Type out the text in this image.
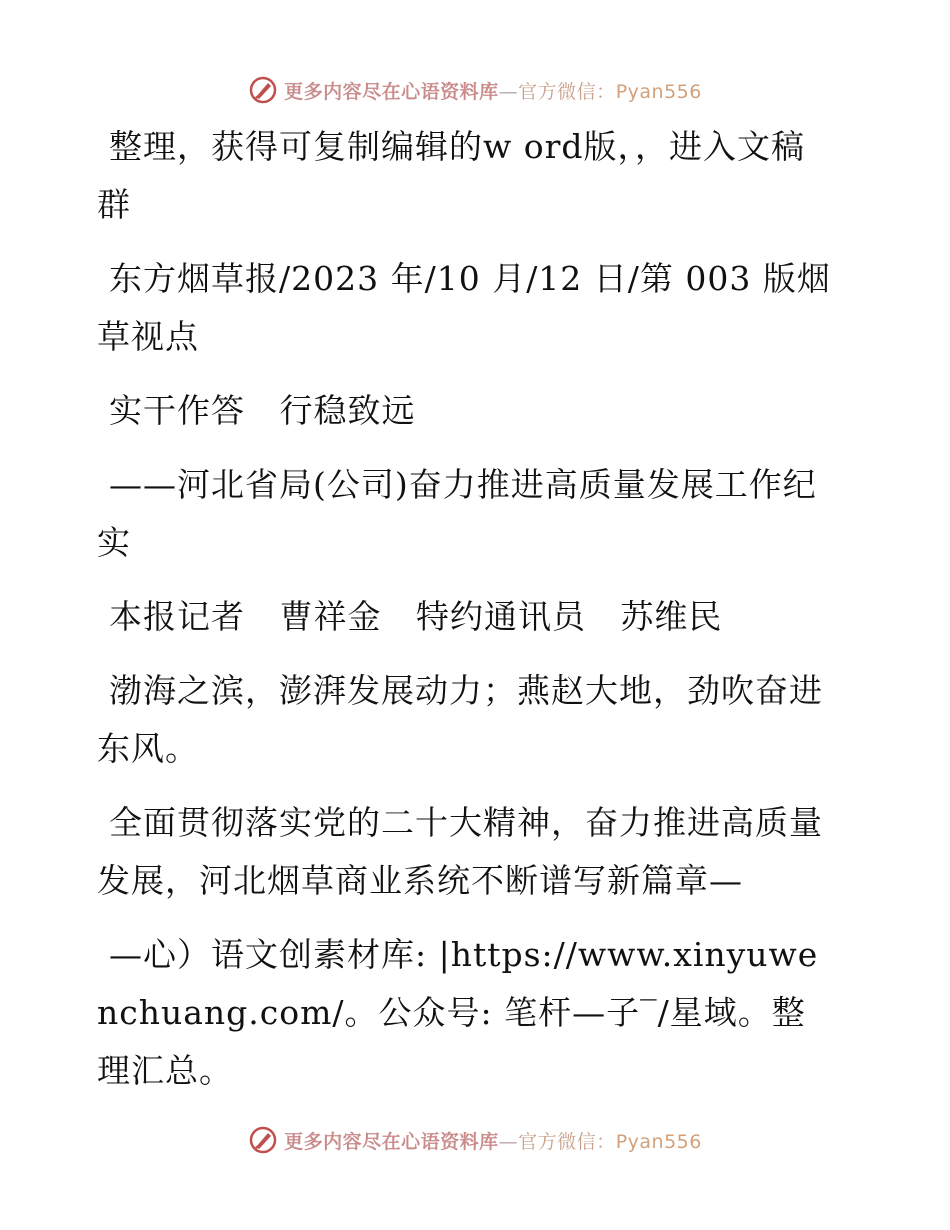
更多内容尽在心语资料库—官方微信：Pyan556

整理，获得可复制编辑的w ord版，，进入文稿群

东方烟草报/2023 年/10 月/12 日/第 003 版烟草视点

实干作答   行稳致远

——河北省局(公司)奋力推进高质量发展工作纪实

本报记者   曹祥金   特约通讯员   苏维民

渤海之滨，澎湃发展动力；燕赵大地，劲吹奋进东风。

全面贯彻落实党的二十大精神，奋力推进高质量发展，河北烟草商业系统不断谱写新篇章—

—心）语文创素材库: |https://www.xinyuwenchuang.com/。公众号: 笔杆—子‾/星域。整理汇总。

更多内容尽在心语资料库—官方微信：Pyan556
